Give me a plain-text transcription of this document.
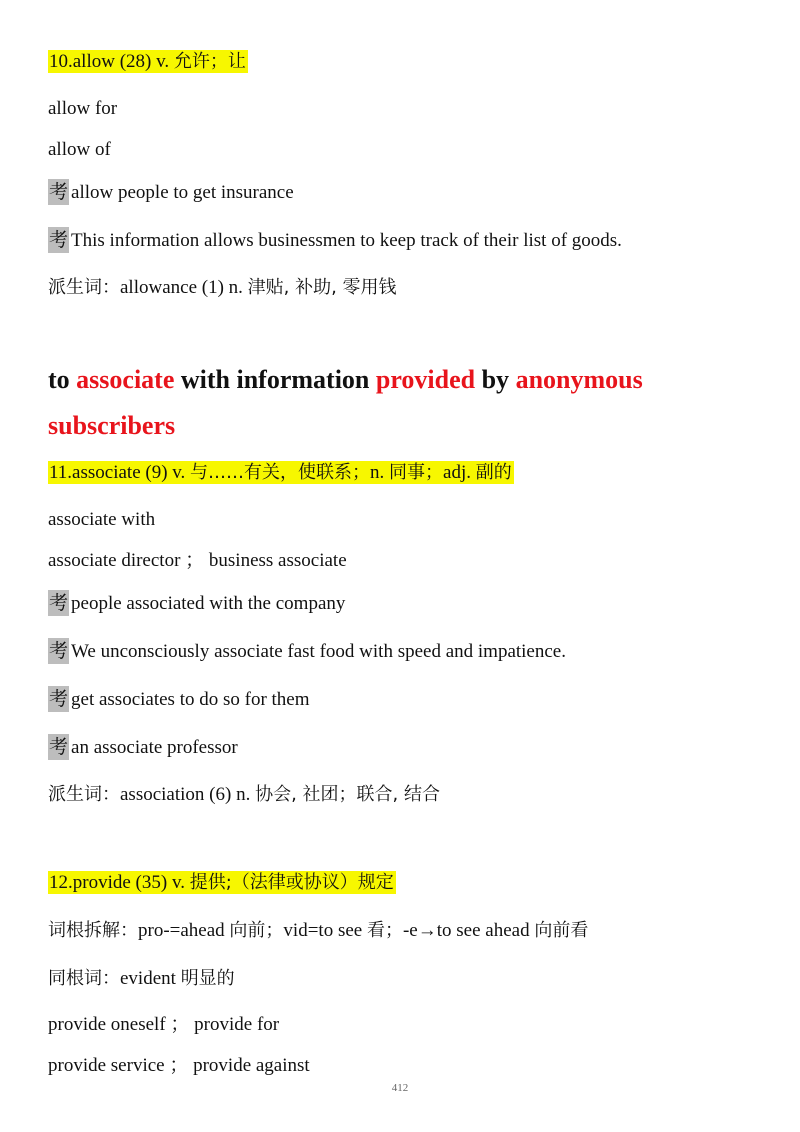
10.allow (28) v. 允许；让
allow for
allow of
考 allow people to get insurance
考 This information allows businessmen to keep track of their list of goods.
派生词：allowance (1) n. 津贴, 补助, 零用钱
to associate with information provided by anonymous
subscribers
11.associate (9) v. 与……有关，使联系；n. 同事；adj. 副的
associate with
associate director ； business associate
考 people associated with the company
考 We unconsciously associate fast food with speed and impatience.
考 get associates to do so for them
考 an associate professor
派生词：association (6) n. 协会, 社团；联合, 结合
12.provide (35) v. 提供;（法律或协议）规定
词根拆解：pro-=ahead 向前；vid=to see 看；-e→to see ahead 向前看
同根词：evident 明显的
provide oneself ； provide for
provide service ； provide against
412
